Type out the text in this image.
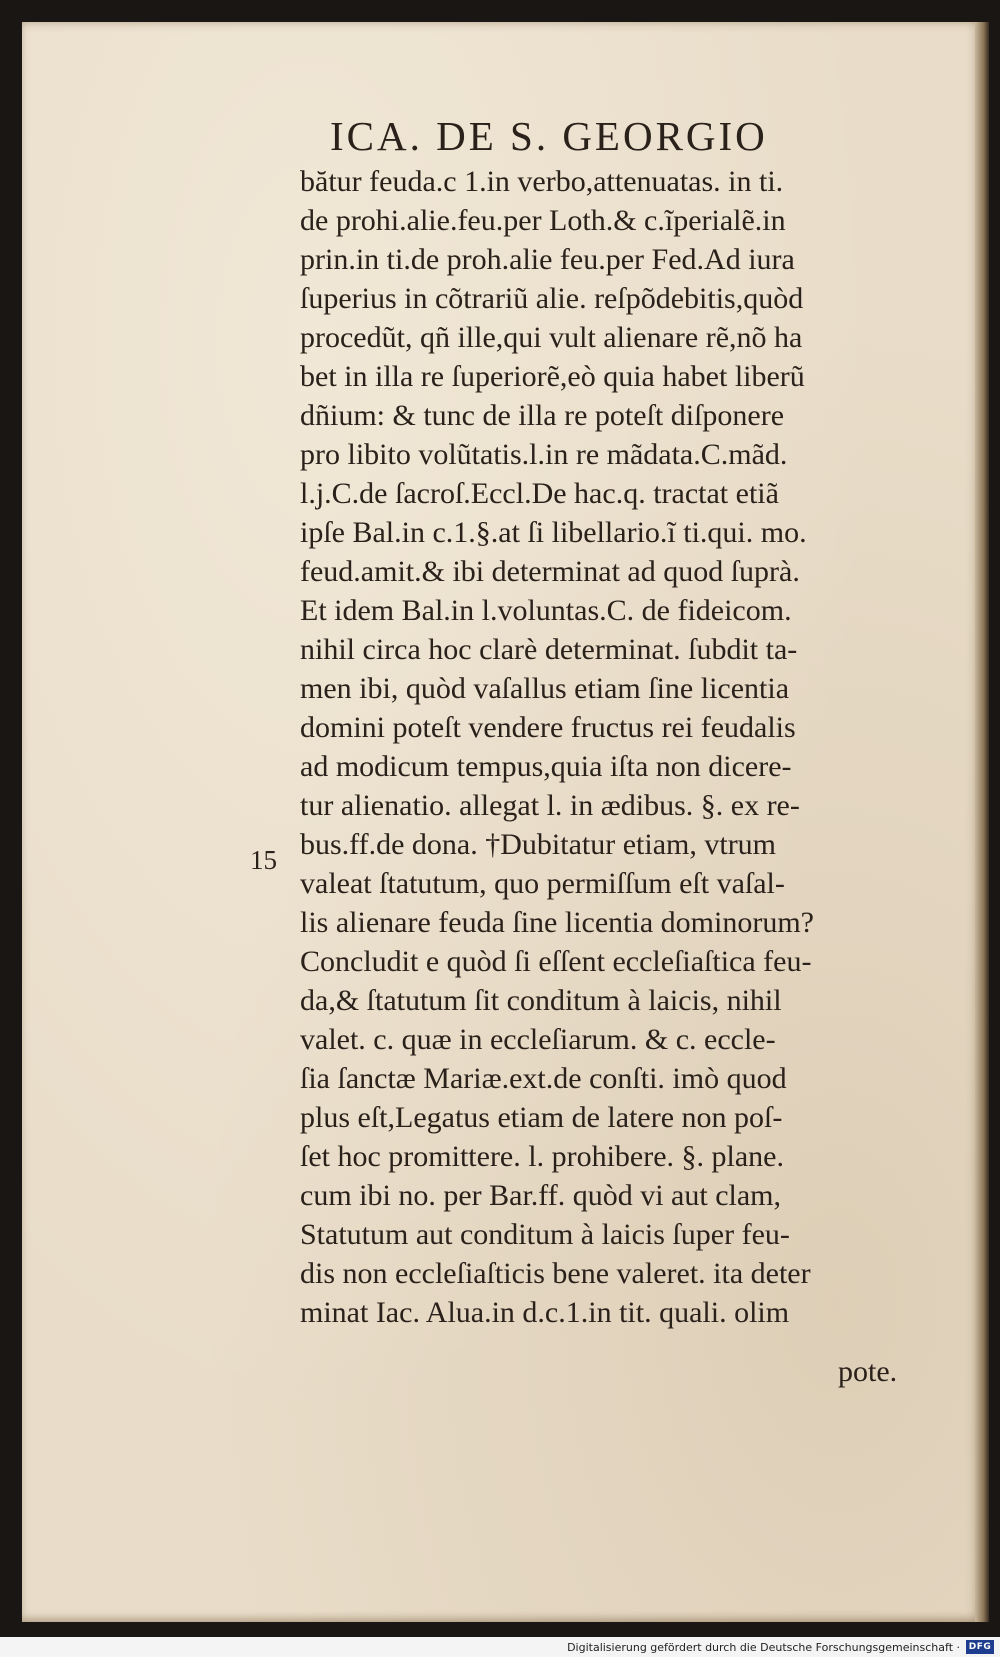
ICA. DE S. GEORGIO
bătur feuda.c 1.in verbo,attenuatas. in ti.
de prohi.alie.feu.per Loth.& c.ĩperialẽ.in
prin.in ti.de proh.alie feu.per Fed.Ad iura
ſuperius in cõtrariũ alie. reſpõdebitis,quòd
procedũt, qñ ille,qui vult alienare rẽ,nõ ha
bet in illa re ſuperiorẽ,eò quia habet liberũ
dñium: & tunc de illa re poteſt diſponere
pro libito volũtatis.l.in re mãdata.C.mãd.
l.j.C.de ſacroſ.Eccl.De hac.q. tractat etiã
ipſe Bal.in c.1.§.at ſi libellario.ĩ ti.qui. mo.
feud.amit.& ibi determinat ad quod ſuprà.
Et idem Bal.in l.voluntas.C. de fideicom.
nihil circa hoc clarè determinat. ſubdit ta-
men ibi, quòd vaſallus etiam ſine licentia
domini poteſt vendere fructus rei feudalis
ad modicum tempus,quia iſta non dicere-
tur alienatio. allegat l. in ædibus. §. ex re-
bus.ff.de dona. †Dubitatur etiam, vtrum
valeat ſtatutum, quo permiſſum eſt vaſal-
lis alienare feuda ſine licentia dominorum?
Concludit e quòd ſi eſſent eccleſiaſtica feu-
da,& ſtatutum ſit conditum à laicis, nihil
valet. c. quæ in eccleſiarum. & c. eccle-
ſia ſanctæ Mariæ.ext.de conſti. imò quod
plus eſt,Legatus etiam de latere non poſ-
ſet hoc promittere. l. prohibere. §. plane.
cum ibi no. per Bar.ff. quòd vi aut clam,
Statutum aut conditum à laicis ſuper feu-
dis non eccleſiaſticis bene valeret. ita deter
minat Iac. Alua.in d.c.1.in tit. quali. olim
15
pote.
Digitalisierung gefördert durch die Deutsche Forschungsgemeinschaft · DFG
